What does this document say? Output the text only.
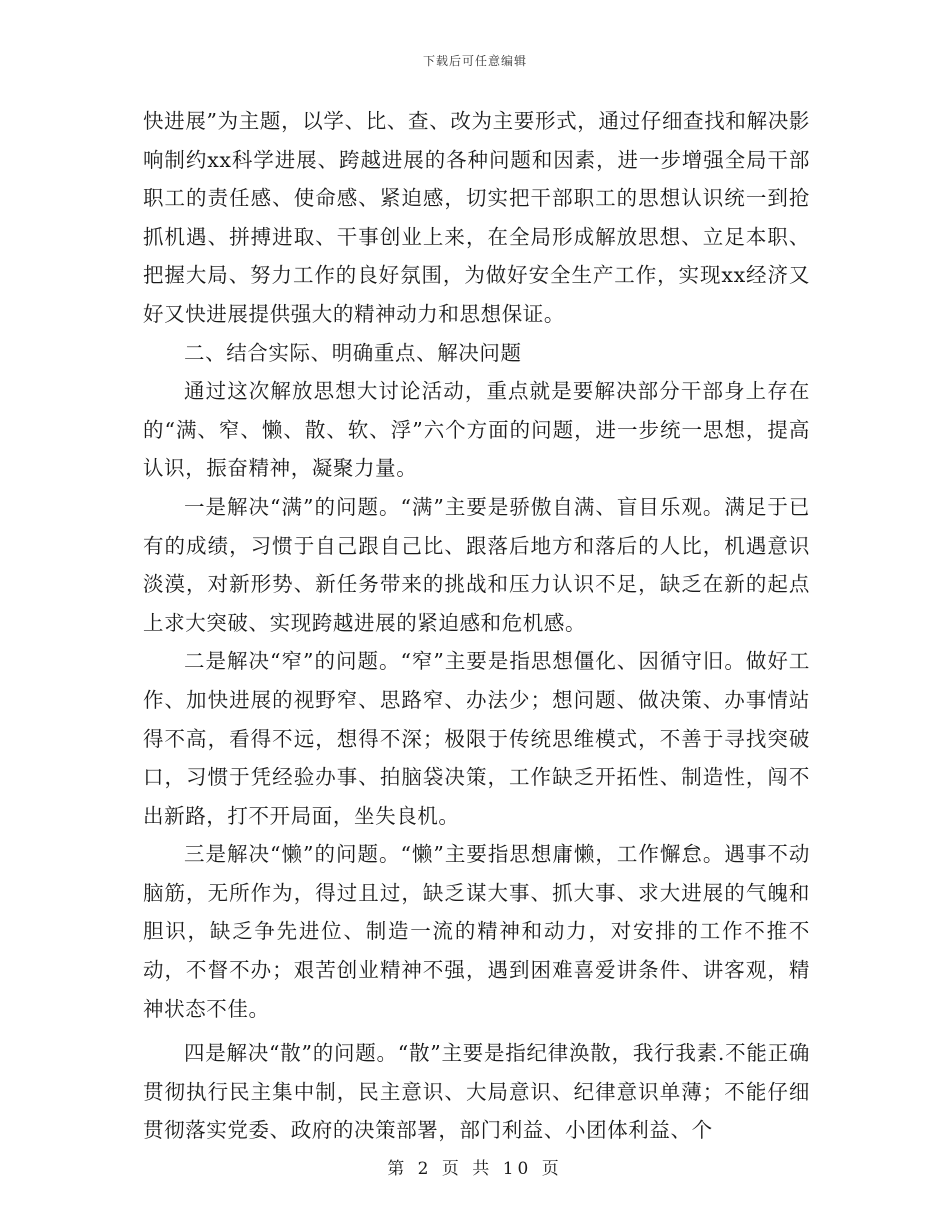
下载后可任意编辑

快进展”为主题，以学、比、查、改为主要形式，通过仔细查找和解决影响制约xx科学进展、跨越进展的各种问题和因素，进一步增强全局干部职工的责任感、使命感、紧迫感，切实把干部职工的思想认识统一到抢抓机遇、拼搏进取、干事创业上来，在全局形成解放思想、立足本职、把握大局、努力工作的良好氛围，为做好安全生产工作，实现xx经济又好又快进展提供强大的精神动力和思想保证。

二、结合实际、明确重点、解决问题

通过这次解放思想大讨论活动，重点就是要解决部分干部身上存在的“满、窄、懒、散、软、浮”六个方面的问题，进一步统一思想，提高认识，振奋精神，凝聚力量。

一是解决“满”的问题。“满”主要是骄傲自满、盲目乐观。满足于已有的成绩，习惯于自己跟自己比、跟落后地方和落后的人比，机遇意识淡漠，对新形势、新任务带来的挑战和压力认识不足，缺乏在新的起点上求大突破、实现跨越进展的紧迫感和危机感。

二是解决“窄”的问题。“窄”主要是指思想僵化、因循守旧。做好工作、加快进展的视野窄、思路窄、办法少；想问题、做决策、办事情站得不高，看得不远，想得不深；极限于传统思维模式，不善于寻找突破口，习惯于凭经验办事、拍脑袋决策，工作缺乏开拓性、制造性，闯不出新路，打不开局面，坐失良机。

三是解决“懒”的问题。“懒”主要指思想庸懒，工作懈怠。遇事不动脑筋，无所作为，得过且过，缺乏谋大事、抓大事、求大进展的气魄和胆识，缺乏争先进位、制造一流的精神和动力，对安排的工作不推不动，不督不办；艰苦创业精神不强，遇到困难喜爱讲条件、讲客观，精神状态不佳。

四是解决“散”的问题。“散”主要是指纪律涣散，我行我素.不能正确贯彻执行民主集中制，民主意识、大局意识、纪律意识单薄；不能仔细贯彻落实党委、政府的决策部署，部门利益、小团体利益、个

第 2 页 共 10 页
